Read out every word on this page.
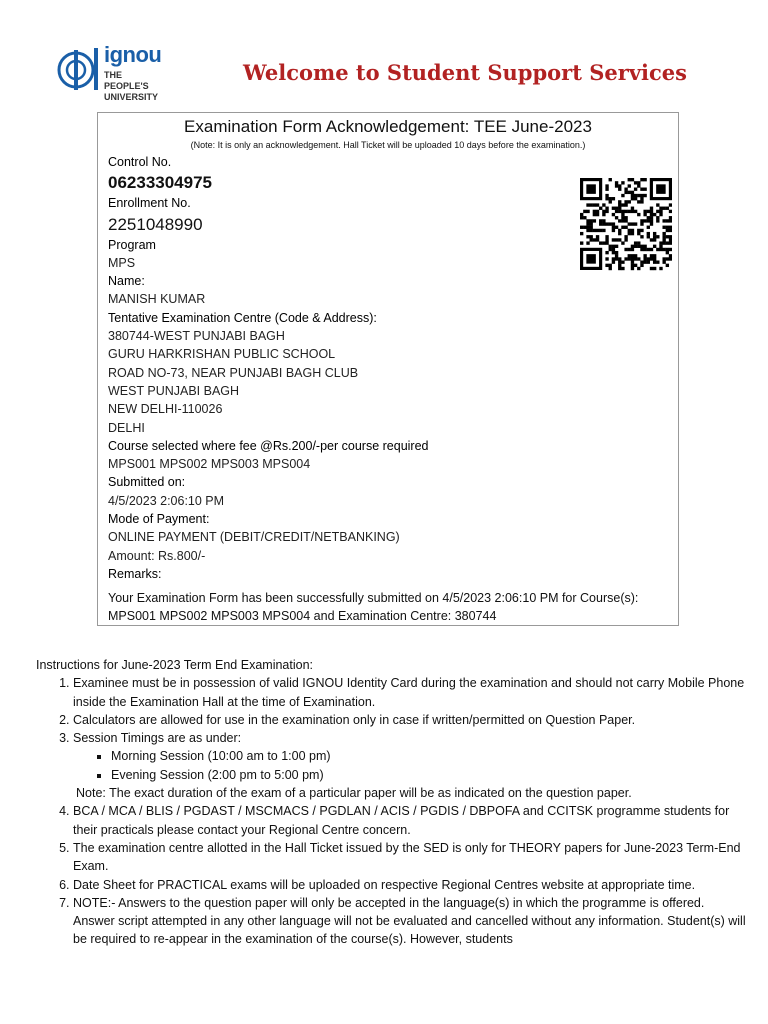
ignou
THE PEOPLE'S
UNIVERSITY
Welcome to Student Support Services
Examination Form Acknowledgement: TEE June-2023
(Note: It is only an acknowledgement. Hall Ticket will be uploaded 10 days before the examination.)
Control No.
06233304975
Enrollment No.
2251048990
Program
MPS
Name:
MANISH KUMAR
Tentative Examination Centre (Code & Address):
380744-WEST PUNJABI BAGH
GURU HARKRISHAN PUBLIC SCHOOL
ROAD NO-73, NEAR PUNJABI BAGH CLUB
WEST PUNJABI BAGH
NEW DELHI-110026
DELHI
Course selected where fee @Rs.200/-per course required
MPS001 MPS002 MPS003 MPS004
Submitted on:
4/5/2023 2:06:10 PM
Mode of Payment:
ONLINE PAYMENT (DEBIT/CREDIT/NETBANKING)
Amount: Rs.800/-
Remarks:
Your Examination Form has been successfully submitted on 4/5/2023 2:06:10 PM for Course(s):
MPS001 MPS002 MPS003 MPS004 and Examination Centre: 380744
Instructions for June-2023 Term End Examination:
1. Examinee must be in possession of valid IGNOU Identity Card during the examination and should not carry Mobile Phone inside the Examination Hall at the time of Examination.
2. Calculators are allowed for use in the examination only in case if written/permitted on Question Paper.
3. Session Timings are as under:
▪ Morning Session (10:00 am to 1:00 pm)
▪ Evening Session (2:00 pm to 5:00 pm)
Note: The exact duration of the exam of a particular paper will be as indicated on the question paper.
4. BCA / MCA / BLIS / PGDAST / MSCMACS / PGDLAN / ACIS / PGDIS / DBPOFA and CCITSK programme students for their practicals please contact your Regional Centre concern.
5. The examination centre allotted in the Hall Ticket issued by the SED is only for THEORY papers for June-2023 Term-End Exam.
6. Date Sheet for PRACTICAL exams will be uploaded on respective Regional Centres website at appropriate time.
7. NOTE:- Answers to the question paper will only be accepted in the language(s) in which the programme is offered. Answer script attempted in any other language will not be evaluated and cancelled without any information. Student(s) will be required to re-appear in the examination of the course(s). However, students
